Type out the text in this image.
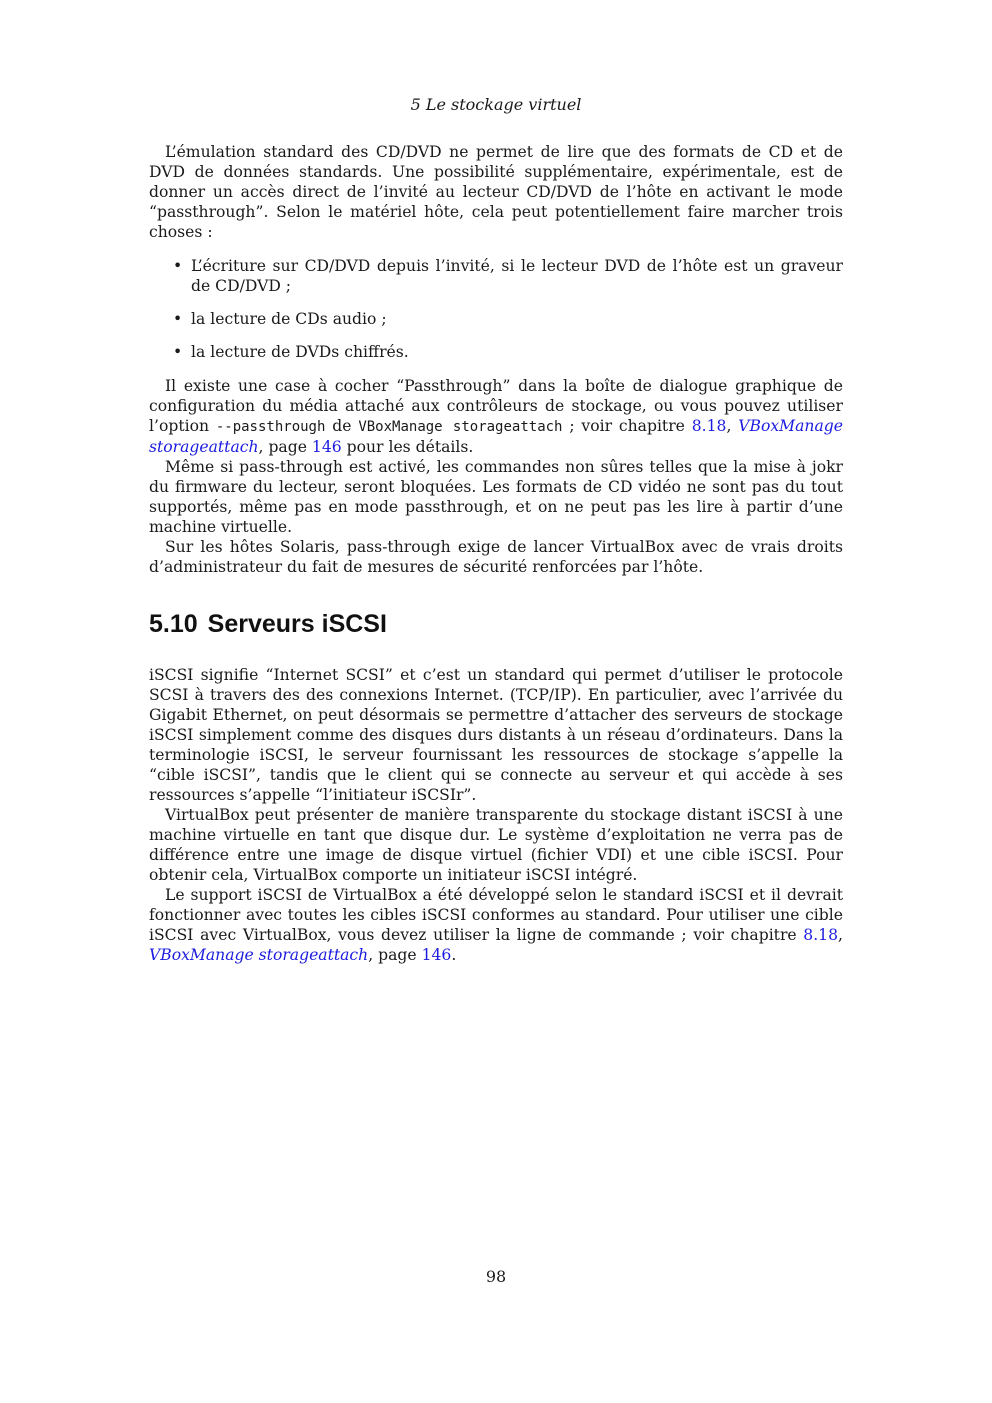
5 Le stockage virtuel

L’émulation standard des CD/DVD ne permet de lire que des formats de CD et de DVD de données standards. Une possibilité supplémentaire, expérimentale, est de donner un accès direct de l’invité au lecteur CD/DVD de l’hôte en activant le mode “passthrough”. Selon le matériel hôte, cela peut potentiellement faire marcher trois choses :

• L’écriture sur CD/DVD depuis l’invité, si le lecteur DVD de l’hôte est un graveur de CD/DVD ;
• la lecture de CDs audio ;
• la lecture de DVDs chiffrés.

Il existe une case à cocher “Passthrough” dans la boîte de dialogue graphique de configuration du média attaché aux contrôleurs de stockage, ou vous pouvez utiliser l’option --passthrough de VBoxManage storageattach ; voir chapitre 8.18, VBoxManage storageattach, page 146 pour les détails.

Même si pass-through est activé, les commandes non sûres telles que la mise à jokr du firmware du lecteur, seront bloquées. Les formats de CD vidéo ne sont pas du tout supportés, même pas en mode passthrough, et on ne peut pas les lire à partir d’une machine virtuelle.

Sur les hôtes Solaris, pass-through exige de lancer VirtualBox avec de vrais droits d’administrateur du fait de mesures de sécurité renforcées par l’hôte.

5.10 Serveurs iSCSI

iSCSI signifie “Internet SCSI” et c’est un standard qui permet d’utiliser le protocole SCSI à travers des des connexions Internet. (TCP/IP). En particulier, avec l’arrivée du Gigabit Ethernet, on peut désormais se permettre d’attacher des serveurs de stockage iSCSI simplement comme des disques durs distants à un réseau d’ordinateurs. Dans la terminologie iSCSI, le serveur fournissant les ressources de stockage s’appelle la “cible iSCSI”, tandis que le client qui se connecte au serveur et qui accède à ses ressources s’appelle “l’initiateur iSCSIr”.

VirtualBox peut présenter de manière transparente du stockage distant iSCSI à une machine virtuelle en tant que disque dur. Le système d’exploitation ne verra pas de différence entre une image de disque virtuel (fichier VDI) et une cible iSCSI. Pour obtenir cela, VirtualBox comporte un initiateur iSCSI intégré.

Le support iSCSI de VirtualBox a été développé selon le standard iSCSI et il devrait fonctionner avec toutes les cibles iSCSI conformes au standard. Pour utiliser une cible iSCSI avec VirtualBox, vous devez utiliser la ligne de commande ; voir chapitre 8.18, VBoxManage storageattach, page 146.

98
